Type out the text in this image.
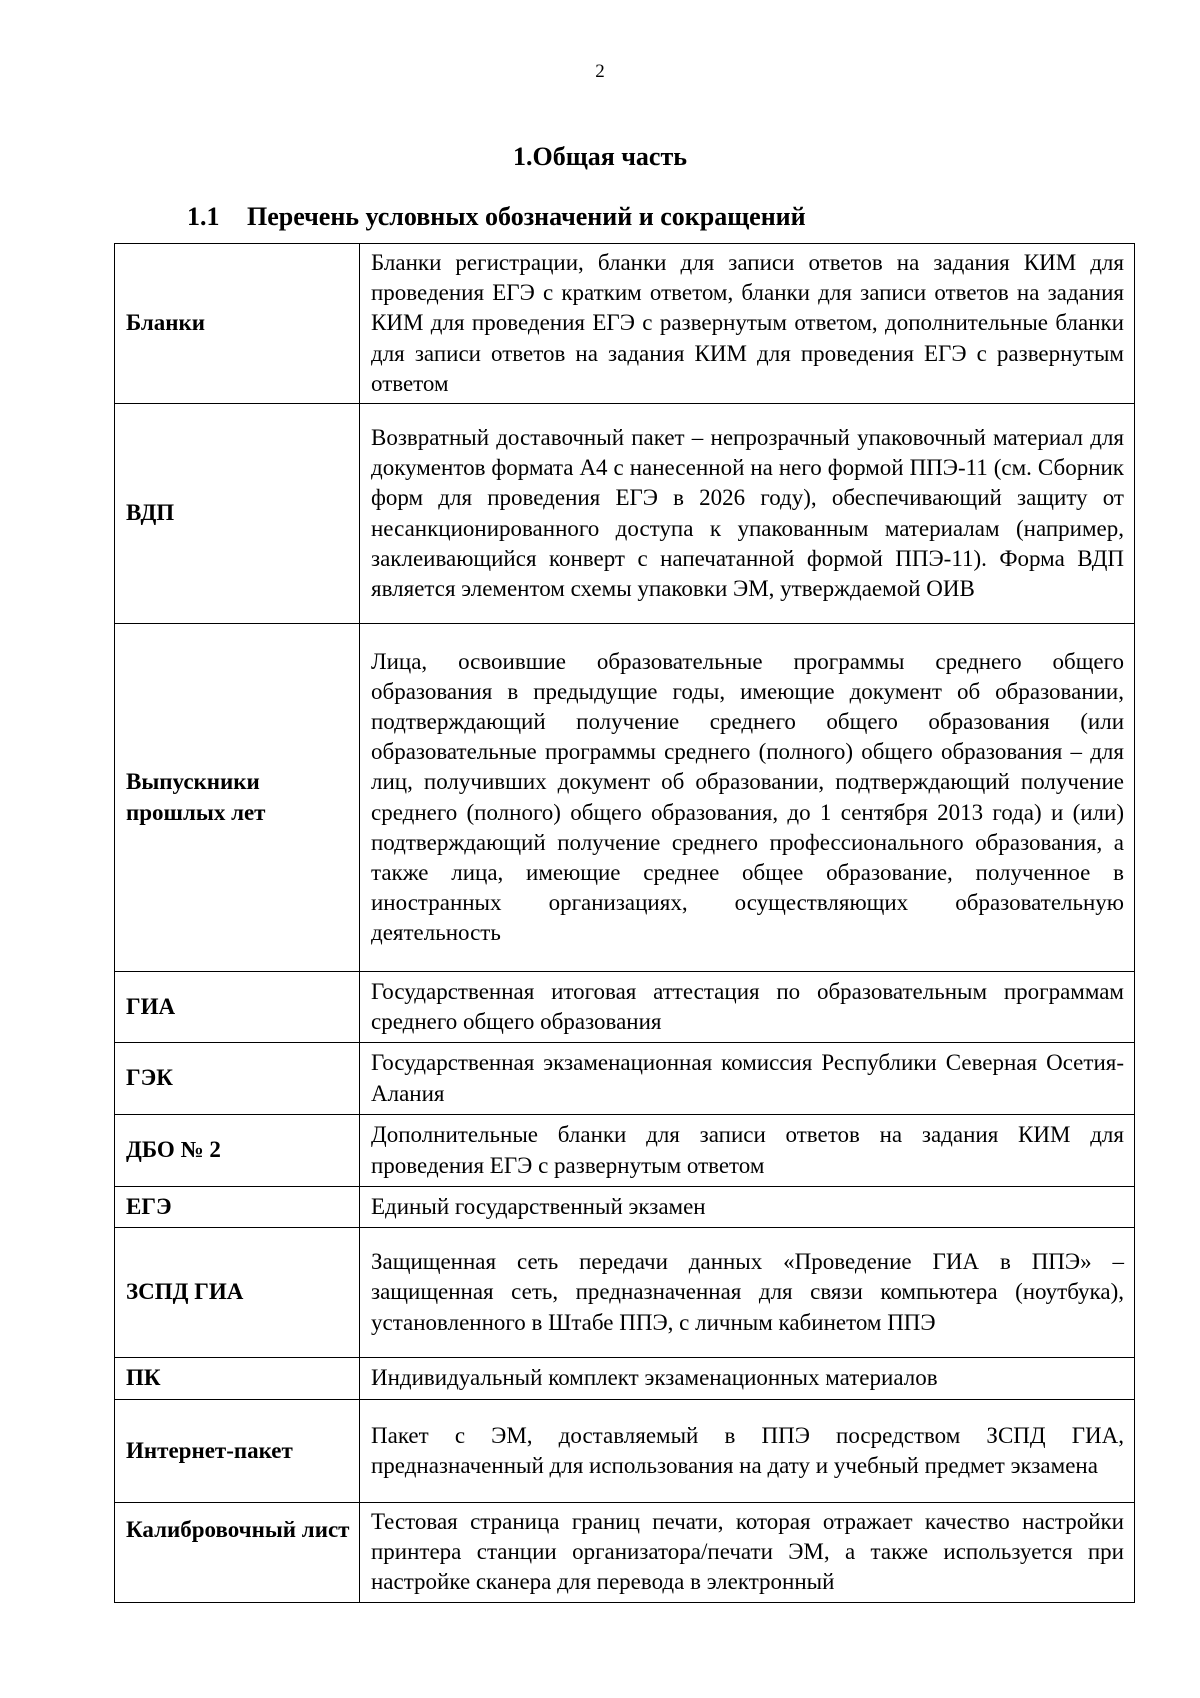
2
1.Общая часть
1.1 Перечень условных обозначений и сокращений
Бланки	Бланки регистрации, бланки для записи ответов на задания КИМ для проведения ЕГЭ с кратким ответом, бланки для записи ответов на задания КИМ для проведения ЕГЭ с развернутым ответом, дополнительные бланки для записи ответов на задания КИМ для проведения ЕГЭ с развернутым ответом
ВДП	Возвратный доставочный пакет – непрозрачный упаковочный материал для документов формата А4 с нанесенной на него формой ППЭ-11 (см. Сборник форм для проведения ЕГЭ в 2026 году), обеспечивающий защиту от несанкционированного доступа к упакованным материалам (например, заклеивающийся конверт с напечатанной формой ППЭ-11). Форма ВДП является элементом схемы упаковки ЭМ, утверждаемой ОИВ
Выпускники прошлых лет	Лица, освоившие образовательные программы среднего общего образования в предыдущие годы, имеющие документ об образовании, подтверждающий получение среднего общего образования (или образовательные программы среднего (полного) общего образования – для лиц, получивших документ об образовании, подтверждающий получение среднего (полного) общего образования, до 1 сентября 2013 года) и (или) подтверждающий получение среднего профессионального образования, а также лица, имеющие среднее общее образование, полученное в иностранных организациях, осуществляющих образовательную деятельность
ГИА	Государственная итоговая аттестация по образовательным программам среднего общего образования
ГЭК	Государственная экзаменационная комиссия Республики Северная Осетия-Алания
ДБО № 2	Дополнительные бланки для записи ответов на задания КИМ для проведения ЕГЭ с развернутым ответом
ЕГЭ	Единый государственный экзамен
ЗСПД ГИА	Защищенная сеть передачи данных «Проведение ГИА в ППЭ» – защищенная сеть, предназначенная для связи компьютера (ноутбука), установленного в Штабе ППЭ, с личным кабинетом ППЭ
ПК	Индивидуальный комплект экзаменационных материалов
Интернет-пакет	Пакет с ЭМ, доставляемый в ППЭ посредством ЗСПД ГИА, предназначенный для использования на дату и учебный предмет экзамена
Калибровочный лист	Тестовая страница границ печати, которая отражает качество настройки принтера станции организатора/печати ЭМ, а также используется при настройке сканера для перевода в электронный
